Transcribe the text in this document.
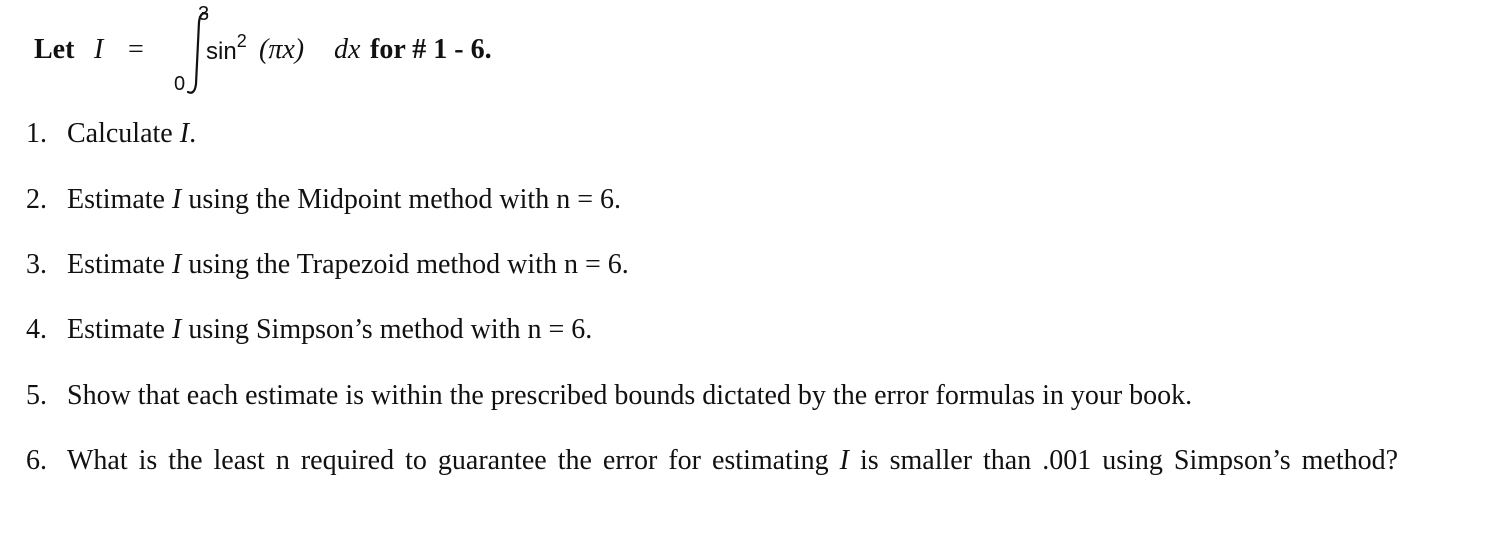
Let I =
3
0
$\sin^2 (\pi x)$ dx for # 1 - 6.
1. Calculate I.
2. Estimate I using the Midpoint method with n = 6.
3. Estimate I using the Trapezoid method with n = 6.
4. Estimate I using Simpson’s method with n = 6.
5. Show that each estimate is within the prescribed bounds dictated by the error formulas in your book.
6. What is the least n required to guarantee the error for estimating I is smaller than .001 using Simpson’s method?
